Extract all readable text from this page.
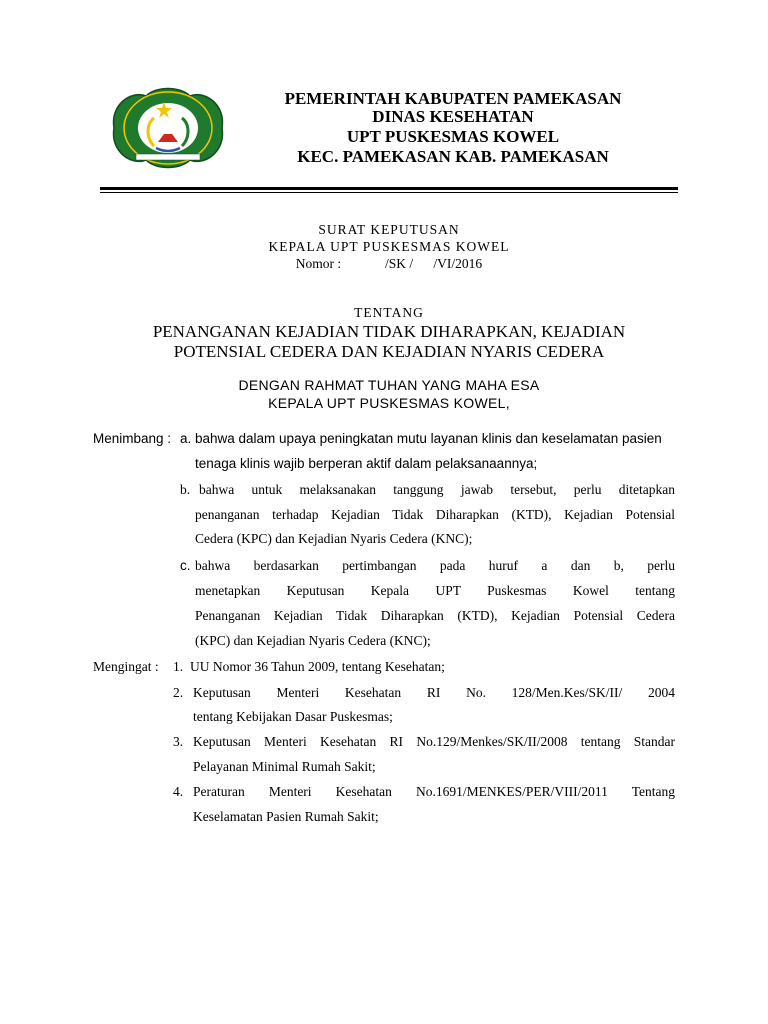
PEMERINTAH KABUPATEN PAMEKASAN
DINAS KESEHATAN
UPT PUSKESMAS KOWEL
KEC. PAMEKASAN KAB. PAMEKASAN
SURAT KEPUTUSAN
KEPALA UPT PUSKESMAS KOWEL
Nomor :             /SK /      /VI/2016
TENTANG
PENANGANAN KEJADIAN TIDAK DIHARAPKAN, KEJADIAN
POTENSIAL CEDERA DAN KEJADIAN NYARIS CEDERA
DENGAN RAHMAT TUHAN YANG MAHA ESA
KEPALA UPT PUSKESMAS KOWEL,
Menimbang : a. bahwa dalam upaya peningkatan mutu layanan klinis dan keselamatan pasien
tenaga klinis wajib berperan aktif dalam pelaksanaannya;
b. bahwa untuk melaksanakan tanggung jawab tersebut, perlu ditetapkan
penanganan terhadap Kejadian Tidak Diharapkan (KTD), Kejadian Potensial
Cedera (KPC) dan Kejadian Nyaris Cedera (KNC);
c. bahwa berdasarkan pertimbangan pada huruf a dan b, perlu
menetapkan Keputusan Kepala UPT Puskesmas Kowel tentang
Penanganan Kejadian Tidak Diharapkan (KTD), Kejadian Potensial Cedera
(KPC) dan Kejadian Nyaris Cedera (KNC);
Mengingat : 1. UU Nomor 36 Tahun 2009, tentang Kesehatan;
2. Keputusan Menteri Kesehatan RI No. 128/Men.Kes/SK/II/ 2004
tentang Kebijakan Dasar Puskesmas;
3. Keputusan Menteri Kesehatan RI No.129/Menkes/SK/II/2008 tentang Standar
Pelayanan Minimal Rumah Sakit;
4. Peraturan Menteri Kesehatan No.1691/MENKES/PER/VIII/2011 Tentang
Keselamatan Pasien Rumah Sakit;
